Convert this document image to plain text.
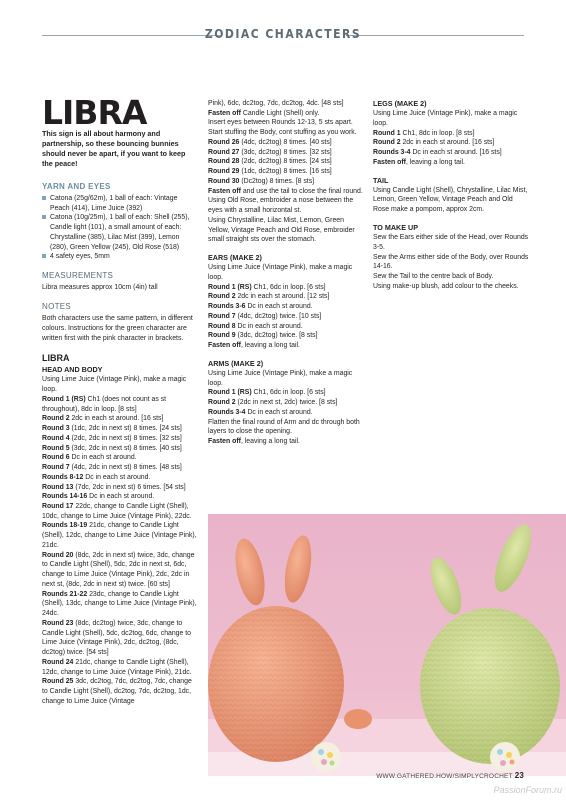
ZODIAC CHARACTERS

LIBRA

This sign is all about harmony and partnership, so these bouncing bunnies should never be apart, if you want to keep the peace!

YARN AND EYES

Catona (25g/62m), 1 ball of each: Vintage Peach (414), Lime Juice (392)

Catona (10g/25m), 1 ball of each: Shell (255), Candle light (101), a small amount of each: Chrystalline (385), Lilac Mist (399), Lemon (280), Green Yellow (245), Old Rose (518)

4 safety eyes, 5mm

MEASUREMENTS

Libra measures approx 10cm (4in) tall

NOTES

Both characters use the same pattern, in different colours. Instructions for the green character are written first with the pink character in brackets.

LIBRA

HEAD AND BODY

Using Lime Juice (Vintage Pink), make a magic loop.

Round 1 (RS) Ch1 (does not count as st throughout), 8dc in loop. [8 sts]

Round 2 2dc in each st around. [16 sts]

Round 3 (1dc, 2dc in next st) 8 times. [24 sts]

Round 4 (2dc, 2dc in next st) 8 times. [32 sts]

Round 5 (3dc, 2dc in next st) 8 times. [40 sts]

Round 6 Dc in each st around.

Round 7 (4dc, 2dc in next st) 8 times. [48 sts]

Rounds 8-12 Dc in each st around.

Round 13 (7dc, 2dc in next st) 6 times. [54 sts]

Rounds 14-16 Dc in each st around.

Round 17 22dc, change to Candle Light (Shell), 10dc, change to Lime Juice (Vintage Pink), 22dc.

Rounds 18-19 21dc, change to Candle Light (Shell), 12dc, change to Lime Juice (Vintage Pink), 21dc.

Round 20 (8dc, 2dc in next st) twice, 3dc, change to Candle Light (Shell), 5dc, 2dc in next st, 6dc, change to Lime Juice (Vintage Pink), 2dc, 2dc in next st, (8dc, 2dc in next st) twice. [60 sts]

Rounds 21-22 23dc, change to Candle Light (Shell), 13dc, change to Lime Juice (Vintage Pink), 24dc.

Round 23 (8dc, dc2tog) twice, 3dc, change to Candle Light (Shell), 5dc, dc2tog, 6dc, change to Lime Juice (Vintage Pink), 2dc, dc2tog, (8dc, dc2tog) twice. [54 sts]

Round 24 21dc, change to Candle Light (Shell), 12dc, change to Lime Juice (Vintage Pink), 21dc.

Round 25 3dc, dc2tog, 7dc, dc2tog, 7dc, change to Candle Light (Shell), dc2tog, 7dc, dc2tog, 1dc, change to Lime Juice (Vintage

Pink), 6dc, dc2tog, 7dc, dc2tog, 4dc. [48 sts]

Fasten off Candle Light (Shell) only.

Insert eyes between Rounds 12-13, 5 sts apart.

Start stuffing the Body, cont stuffing as you work.

Round 26 (4dc, dc2tog) 8 times. [40 sts]

Round 27 (3dc, dc2tog) 8 times. [32 sts]

Round 28 (2dc, dc2tog) 8 times. [24 sts]

Round 29 (1dc, dc2tog) 8 times. [16 sts]

Round 30 (Dc2tog) 8 times. [8 sts]

Fasten off and use the tail to close the final round.

Using Old Rose, embroider a nose between the eyes with a small horizontal st.

Using Chrystalline, Lilac Mist, Lemon, Green Yellow, Vintage Peach and Old Rose, embroider small straight sts over the stomach.

EARS (MAKE 2)

Using Lime Juice (Vintage Pink), make a magic loop.

Round 1 (RS) Ch1, 6dc in loop. [6 sts]

Round 2 2dc in each st around. [12 sts]

Rounds 3-6 Dc in each st around.

Round 7 (4dc, dc2tog) twice. [10 sts]

Round 8 Dc in each st around.

Round 9 (3dc, dc2tog) twice. [8 sts]

Fasten off, leaving a long tail.

ARMS (MAKE 2)

Using Lime Juice (Vintage Pink), make a magic loop.

Round 1 (RS) Ch1, 6dc in loop. [6 sts]

Round 2 (2dc in next st, 2dc) twice. [8 sts]

Rounds 3-4 Dc in each st around.

Flatten the final round of Arm and dc through both layers to close the opening.

Fasten off, leaving a long tail.

LEGS (MAKE 2)

Using Lime Juice (Vintage Pink), make a magic loop.

Round 1 Ch1, 8dc in loop. [8 sts]

Round 2 2dc in each st around. [16 sts]

Rounds 3-4 Dc in each st around. [16 sts]

Fasten off, leaving a long tail.

TAIL

Using Candle Light (Shell), Chrystalline, Lilac Mist, Lemon, Green Yellow, Vintage Peach and Old Rose make a pompom, approx 2cm.

TO MAKE UP

Sew the Ears either side of the Head, over Rounds 3-5.

Sew the Arms either side of the Body, over Rounds 14-16.

Sew the Tail to the centre back of Body.

Using make-up blush, add colour to the cheeks.

WWW.GATHERED.HOW/SIMPLYCROCHET 23
PassionForum.ru
